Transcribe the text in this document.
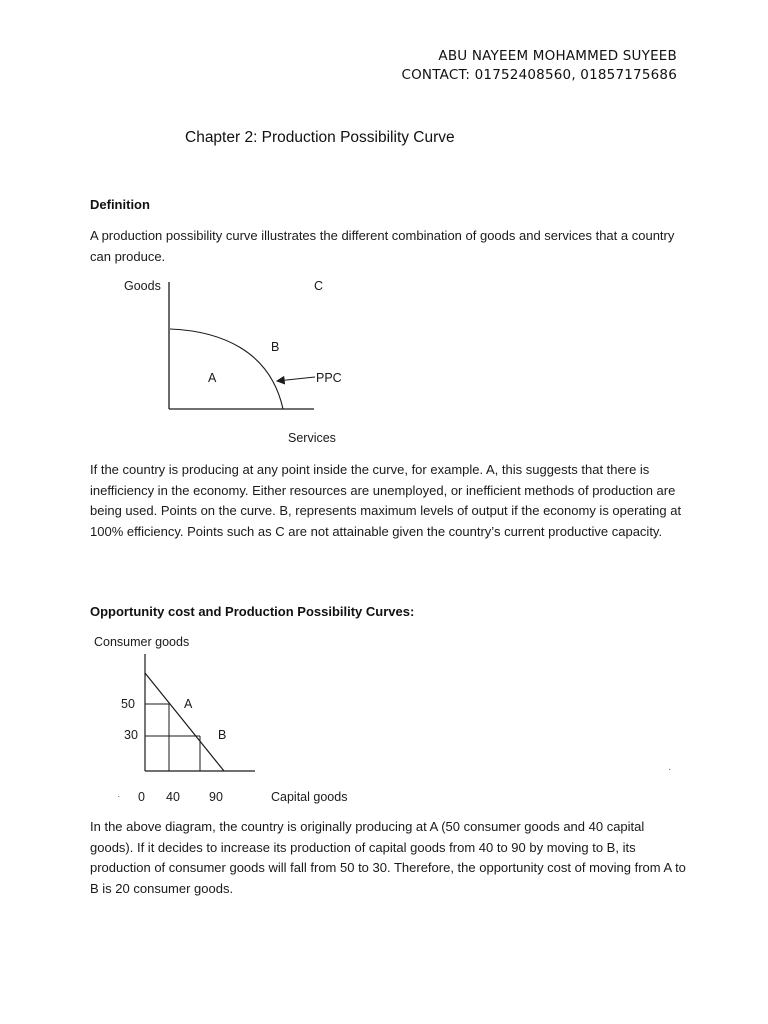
ABU NAYEEM MOHAMMED SUYEEB
CONTACT: 01752408560, 01857175686
Chapter 2: Production Possibility Curve
Definition
A production possibility curve illustrates the different combination of goods and services that a country can produce.
Goods	C
B
A	PPC
Services
If the country is producing at any point inside the curve, for example. A, this suggests that there is inefficiency in the economy. Either resources are unemployed, or inefficient methods of production are being used. Points on the curve. B, represents maximum levels of output if the economy is operating at 100% efficiency. Points such as C are not attainable given the country’s current productive capacity.
Opportunity cost and Production Possibility Curves:
Consumer goods
50	A
30	B
· 0 40 90	Capital goods
·
In the above diagram, the country is originally producing at A (50 consumer goods and 40 capital goods). If it decides to increase its production of capital goods from 40 to 90 by moving to B, its production of consumer goods will fall from 50 to 30. Therefore, the opportunity cost of moving from A to B is 20 consumer goods.
